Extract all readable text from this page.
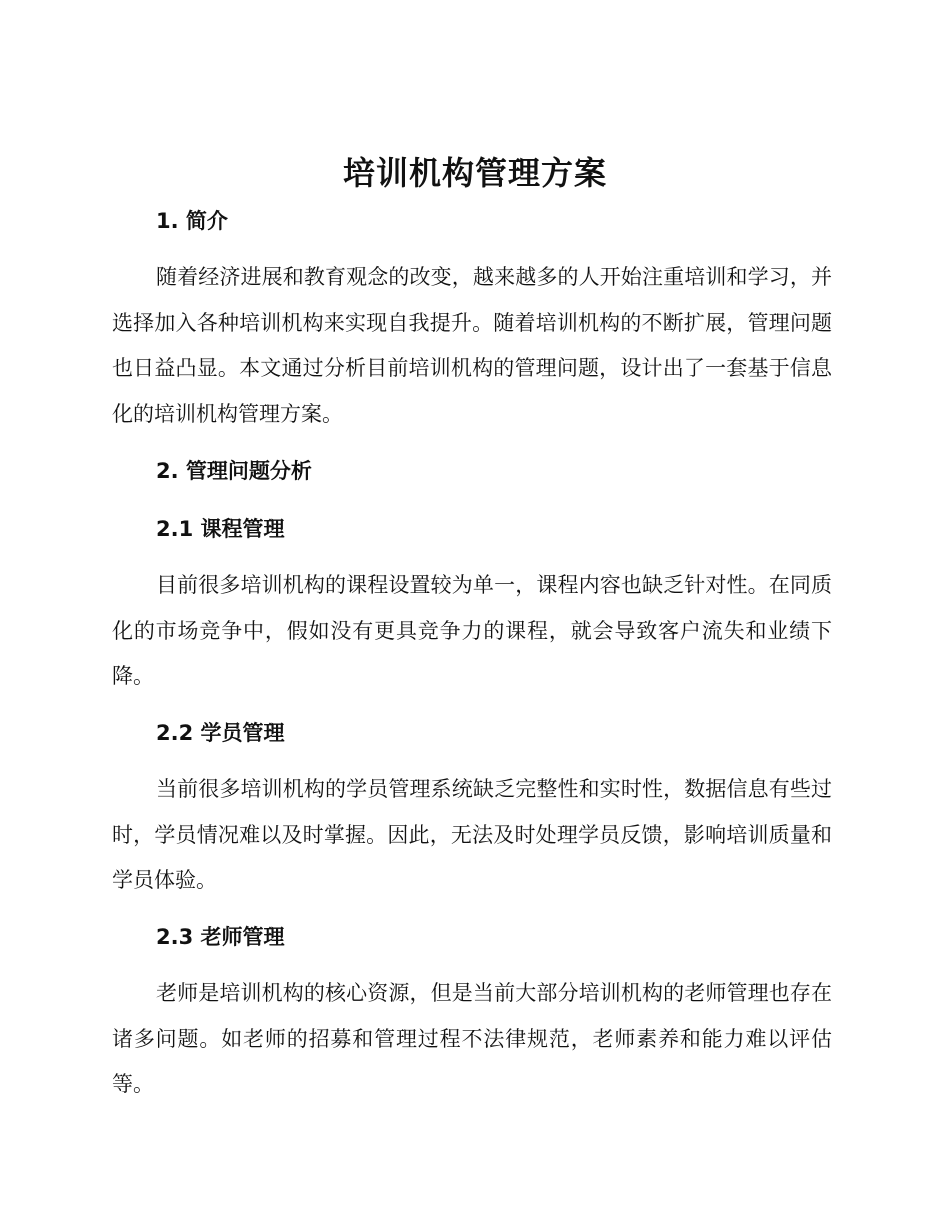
培训机构管理方案
1. 简介

随着经济进展和教育观念的改变，越来越多的人开始注重培训和学习，并选择加入各种培训机构来实现自我提升。随着培训机构的不断扩展，管理问题也日益凸显。本文通过分析目前培训机构的管理问题，设计出了一套基于信息化的培训机构管理方案。

2. 管理问题分析
2.1 课程管理

目前很多培训机构的课程设置较为单一，课程内容也缺乏针对性。在同质化的市场竞争中，假如没有更具竞争力的课程，就会导致客户流失和业绩下降。

2.2 学员管理

当前很多培训机构的学员管理系统缺乏完整性和实时性，数据信息有些过时，学员情况难以及时掌握。因此，无法及时处理学员反馈，影响培训质量和学员体验。

2.3 老师管理

老师是培训机构的核心资源，但是当前大部分培训机构的老师管理也存在诸多问题。如老师的招募和管理过程不法律规范，老师素养和能力难以评估等。
